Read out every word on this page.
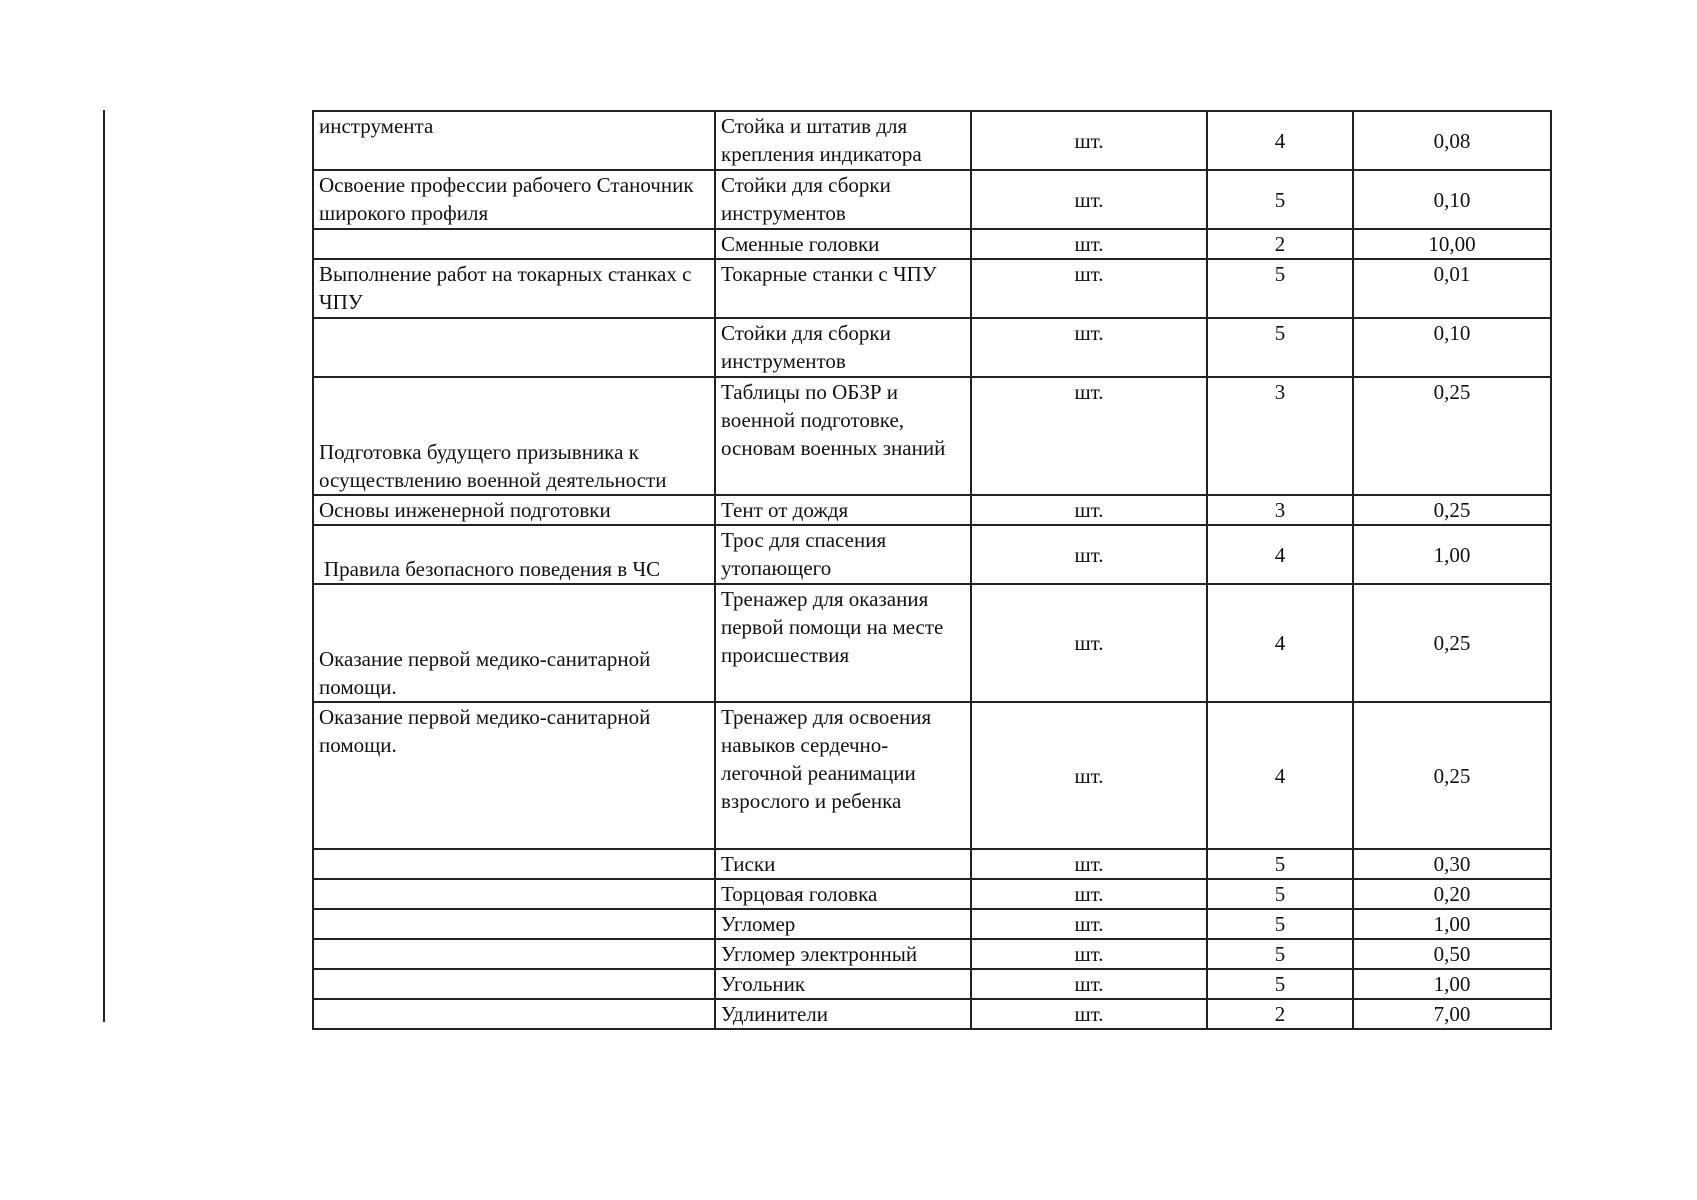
инструмента	Стойка и штатив для крепления индикатора	шт.	4	0,08
Освоение профессии рабочего Станочник широкого профиля	Стойки для сборки инструментов	шт.	5	0,10
	Сменные головки	шт.	2	10,00
Выполнение работ на токарных станках с ЧПУ	Токарные станки с ЧПУ	шт.	5	0,01
	Стойки для сборки инструментов	шт.	5	0,10
Подготовка будущего призывника к осуществлению военной деятельности	Таблицы по ОБЗР и военной подготовке, основам военных знаний	шт.	3	0,25
Основы инженерной подготовки	Тент от дождя	шт.	3	0,25
Правила безопасного поведения в ЧС	Трос для спасения утопающего	шт.	4	1,00
Оказание первой медико-санитарной помощи.	Тренажер для оказания первой помощи на месте происшествия	шт.	4	0,25
Оказание первой медико-санитарной помощи.	Тренажер для освоения навыков сердечно-легочной реанимации взрослого и ребенка	шт.	4	0,25
	Тиски	шт.	5	0,30
	Торцовая головка	шт.	5	0,20
	Угломер	шт.	5	1,00
	Угломер электронный	шт.	5	0,50
	Угольник	шт.	5	1,00
	Удлинители	шт.	2	7,00
